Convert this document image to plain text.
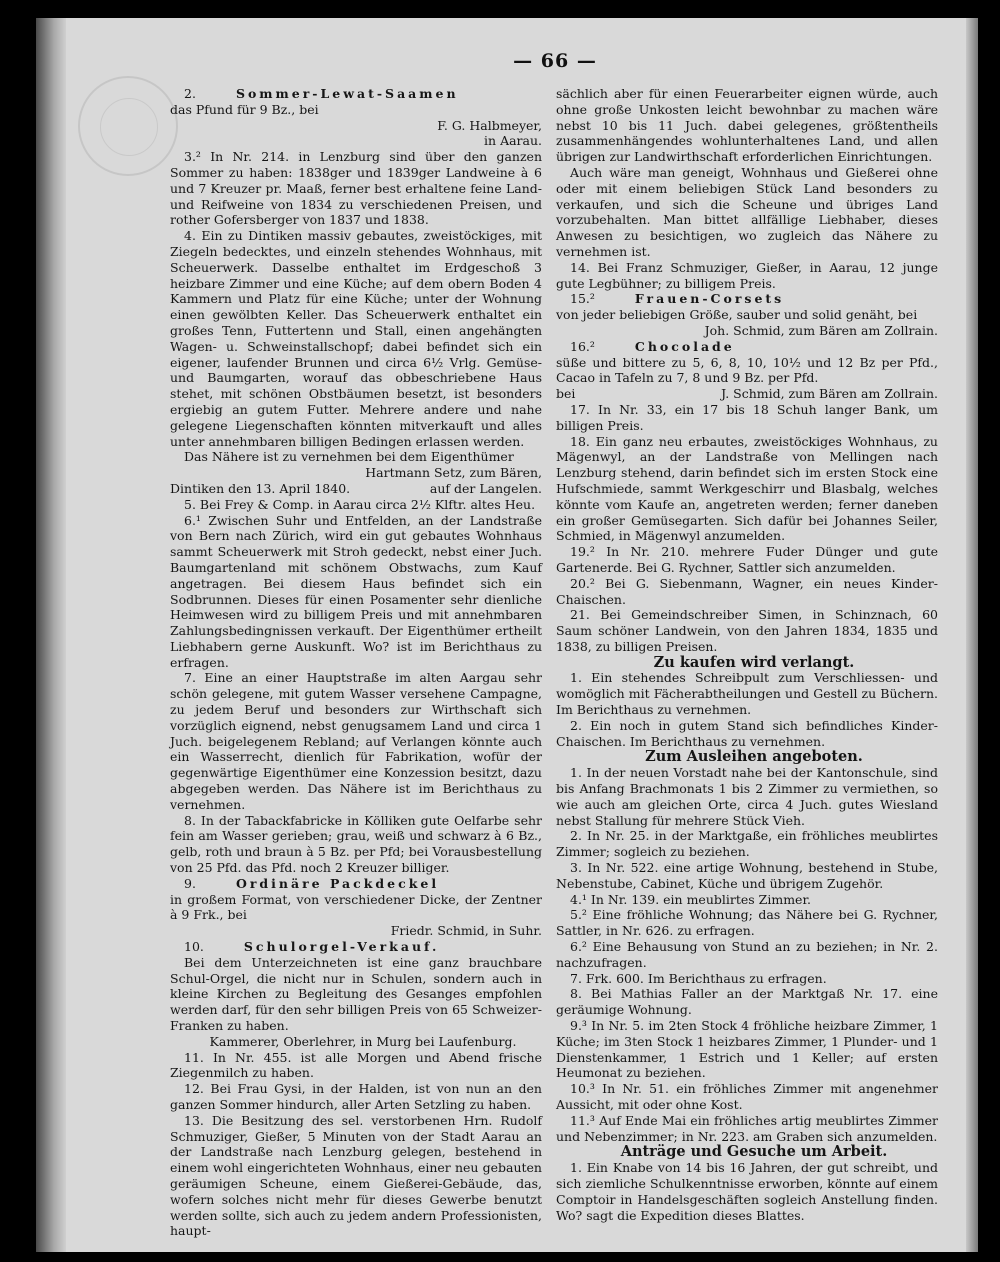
— 66 —

2.	Sommer-Lewat-Saamen

das Pfund für 9 Bz., bei

F. G. Halbmeyer,

in Aarau.

3.² In Nr. 214. in Lenzburg sind über den ganzen Sommer zu haben: 1838ger und 1839ger Landweine à 6 und 7 Kreuzer pr. Maaß, ferner best erhaltene feine Land- und Reifweine von 1834 zu verschiedenen Preisen, und rother Gofersberger von 1837 und 1838.

4. Ein zu Dintiken massiv gebautes, zweistöckiges, mit Ziegeln bedecktes, und einzeln stehendes Wohnhaus, mit Scheuerwerk. Dasselbe enthaltet im Erdgeschoß 3 heizbare Zimmer und eine Küche; auf dem obern Boden 4 Kammern und Platz für eine Küche; unter der Wohnung einen gewölbten Keller. Das Scheuerwerk enthaltet ein großes Tenn, Futtertenn und Stall, einen angehängten Wagen- u. Schweinstallschopf; dabei befindet sich ein eigener, laufender Brunnen und circa 6½ Vrlg. Gemüse- und Baumgarten, worauf das obbeschriebene Haus stehet, mit schönen Obstbäumen besetzt, ist besonders ergiebig an gutem Futter. Mehrere andere und nahe gelegene Liegenschaften könnten mitverkauft und alles unter annehmbaren billigen Bedingen erlassen werden.

Das Nähere ist zu vernehmen bei dem Eigenthümer

Hartmann Setz, zum Bären,

Dintiken den 13. April 1840.	auf der Langelen.

5. Bei Frey & Comp. in Aarau circa 2½ Klftr. altes Heu.

6.¹ Zwischen Suhr und Entfelden, an der Landstraße von Bern nach Zürich, wird ein gut gebautes Wohnhaus sammt Scheuerwerk mit Stroh gedeckt, nebst einer Juch. Baumgartenland mit schönem Obstwachs, zum Kauf angetragen. Bei diesem Haus befindet sich ein Sodbrunnen. Dieses für einen Posamenter sehr dienliche Heimwesen wird zu billigem Preis und mit annehmbaren Zahlungsbedingnissen verkauft. Der Eigenthümer ertheilt Liebhabern gerne Auskunft. Wo? ist im Berichthaus zu erfragen.

7. Eine an einer Hauptstraße im alten Aargau sehr schön gelegene, mit gutem Wasser versehene Campagne, zu jedem Beruf und besonders zur Wirthschaft sich vorzüglich eignend, nebst genugsamem Land und circa 1 Juch. beigelegenem Rebland; auf Verlangen könnte auch ein Wasserrecht, dienlich für Fabrikation, wofür der gegenwärtige Eigenthümer eine Konzession besitzt, dazu abgegeben werden. Das Nähere ist im Berichthaus zu vernehmen.

8. In der Tabackfabricke in Kölliken gute Oelfarbe sehr fein am Wasser gerieben; grau, weiß und schwarz à 6 Bz., gelb, roth und braun à 5 Bz. per Pfd; bei Vorausbestellung von 25 Pfd. das Pfd. noch 2 Kreuzer billiger.

9.	Ordinäre Packdeckel

in großem Format, von verschiedener Dicke, der Zentner à 9 Frk., bei

Friedr. Schmid, in Suhr.

10.	Schulorgel-Verkauf.

Bei dem Unterzeichneten ist eine ganz brauchbare Schul-Orgel, die nicht nur in Schulen, sondern auch in kleine Kirchen zu Begleitung des Gesanges empfohlen werden darf, für den sehr billigen Preis von 65 Schweizer-Franken zu haben.

Kammerer, Oberlehrer, in Murg bei Laufenburg.

11. In Nr. 455. ist alle Morgen und Abend frische Ziegenmilch zu haben.

12. Bei Frau Gysi, in der Halden, ist von nun an den ganzen Sommer hindurch, aller Arten Setzling zu haben.

13. Die Besitzung des sel. verstorbenen Hrn. Rudolf Schmuziger, Gießer, 5 Minuten von der Stadt Aarau an der Landstraße nach Lenzburg gelegen, bestehend in einem wohl eingerichteten Wohnhaus, einer neu gebauten geräumigen Scheune, einem Gießerei-Gebäude, das, wofern solches nicht mehr für dieses Gewerbe benutzt werden sollte, sich auch zu jedem andern Professionisten, haupt-

sächlich aber für einen Feuerarbeiter eignen würde, auch ohne große Unkosten leicht bewohnbar zu machen wäre nebst 10 bis 11 Juch. dabei gelegenes, größtentheils zusammenhängendes wohlunterhaltenes Land, und allen übrigen zur Landwirthschaft erforderlichen Einrichtungen.

Auch wäre man geneigt, Wohnhaus und Gießerei ohne oder mit einem beliebigen Stück Land besonders zu verkaufen, und sich die Scheune und übriges Land vorzubehalten. Man bittet allfällige Liebhaber, dieses Anwesen zu besichtigen, wo zugleich das Nähere zu vernehmen ist.

14. Bei Franz Schmuziger, Gießer, in Aarau, 12 junge gute Legbühner; zu billigem Preis.

15.²	Frauen-Corsets

von jeder beliebigen Größe, sauber und solid genäht, bei

Joh. Schmid, zum Bären am Zollrain.

16.²	Chocolade

süße und bittere zu 5, 6, 8, 10, 10½ und 12 Bz per Pfd., Cacao in Tafeln zu 7, 8 und 9 Bz. per Pfd.

bei	J. Schmid, zum Bären am Zollrain.

17. In Nr. 33, ein 17 bis 18 Schuh langer Bank, um billigen Preis.

18. Ein ganz neu erbautes, zweistöckiges Wohnhaus, zu Mägenwyl, an der Landstraße von Mellingen nach Lenzburg stehend, darin befindet sich im ersten Stock eine Hufschmiede, sammt Werkgeschirr und Blasbalg, welches könnte vom Kaufe an, angetreten werden; ferner daneben ein großer Gemüsegarten. Sich dafür bei Johannes Seiler, Schmied, in Mägenwyl anzumelden.

19.² In Nr. 210. mehrere Fuder Dünger und gute Gartenerde. Bei G. Rychner, Sattler sich anzumelden.

20.² Bei G. Siebenmann, Wagner, ein neues Kinder-Chaischen.

21. Bei Gemeindschreiber Simen, in Schinznach, 60 Saum schöner Landwein, von den Jahren 1834, 1835 und 1838, zu billigen Preisen.

Zu kaufen wird verlangt.

1. Ein stehendes Schreibpult zum Verschliessen- und womöglich mit Fächerabtheilungen und Gestell zu Büchern. Im Berichthaus zu vernehmen.

2. Ein noch in gutem Stand sich befindliches Kinder-Chaischen. Im Berichthaus zu vernehmen.

Zum Ausleihen angeboten.

1. In der neuen Vorstadt nahe bei der Kantonschule, sind bis Anfang Brachmonats 1 bis 2 Zimmer zu vermiethen, so wie auch am gleichen Orte, circa 4 Juch. gutes Wiesland nebst Stallung für mehrere Stück Vieh.

2. In Nr. 25. in der Marktgaße, ein fröhliches meublirtes Zimmer; sogleich zu beziehen.

3. In Nr. 522. eine artige Wohnung, bestehend in Stube, Nebenstube, Cabinet, Küche und übrigem Zugehör.

4.¹ In Nr. 139. ein meublirtes Zimmer.

5.² Eine fröhliche Wohnung; das Nähere bei G. Rychner, Sattler, in Nr. 626. zu erfragen.

6.² Eine Behausung von Stund an zu beziehen; in Nr. 2. nachzufragen.

7. Frk. 600. Im Berichthaus zu erfragen.

8. Bei Mathias Faller an der Marktgaß Nr. 17. eine geräumige Wohnung.

9.³ In Nr. 5. im 2ten Stock 4 fröhliche heizbare Zimmer, 1 Küche; im 3ten Stock 1 heizbares Zimmer, 1 Plunder- und 1 Dienstenkammer, 1 Estrich und 1 Keller; auf ersten Heumonat zu beziehen.

10.³ In Nr. 51. ein fröhliches Zimmer mit angenehmer Aussicht, mit oder ohne Kost.

11.³ Auf Ende Mai ein fröhliches artig meublirtes Zimmer und Nebenzimmer; in Nr. 223. am Graben sich anzumelden.

Anträge und Gesuche um Arbeit.

1. Ein Knabe von 14 bis 16 Jahren, der gut schreibt, und sich ziemliche Schulkenntnisse erworben, könnte auf einem Comptoir in Handelsgeschäften sogleich Anstellung finden. Wo? sagt die Expedition dieses Blattes.
